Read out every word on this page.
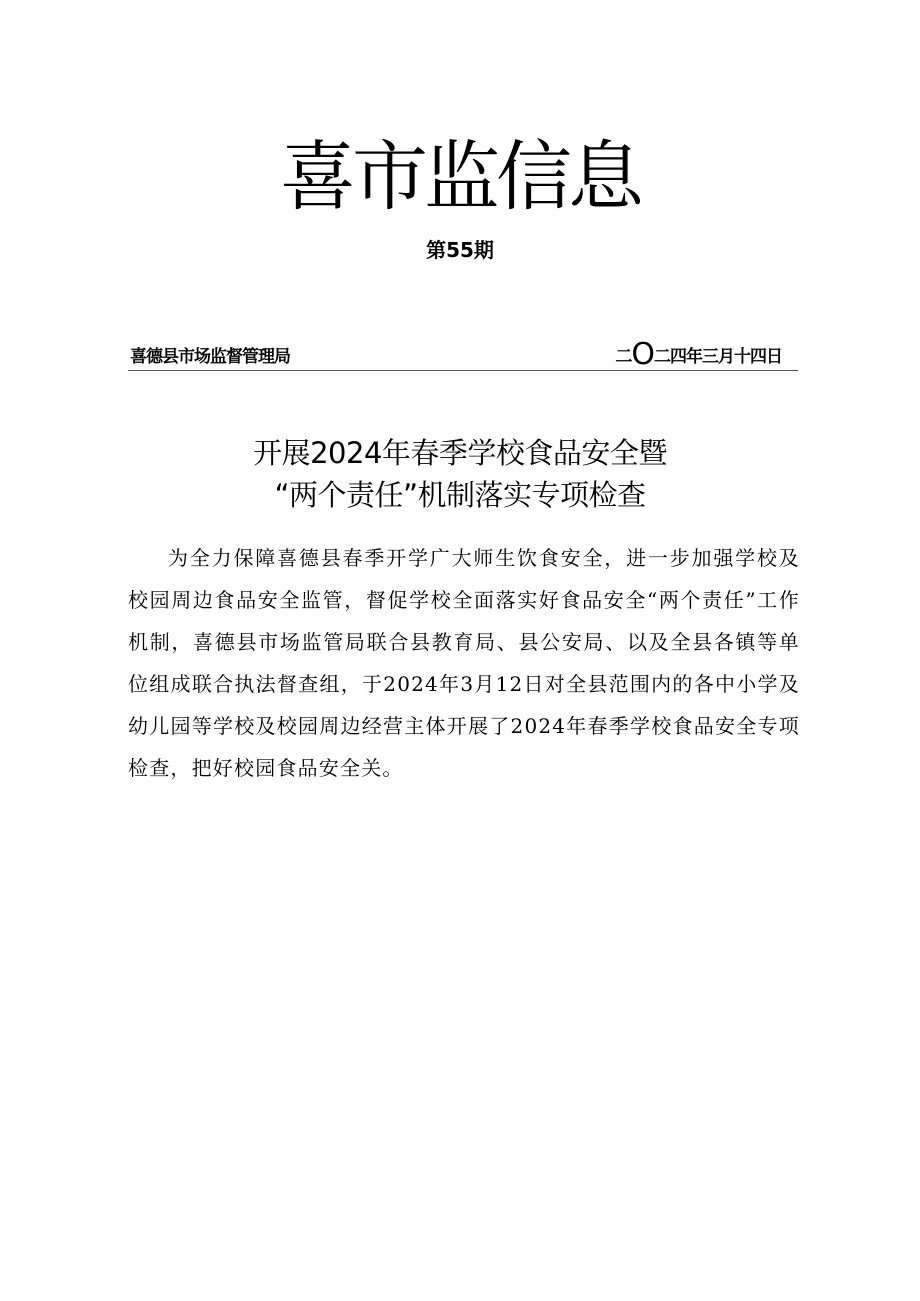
喜市监信息
第55期
喜德县市场监督管理局	二O二四年三月十四日
开展2024年春季学校食品安全暨
“两个责任”机制落实专项检查

为全力保障喜德县春季开学广大师生饮食安全，进一步加强学校及校园周边食品安全监管，督促学校全面落实好食品安全“两个责任”工作机制，喜德县市场监管局联合县教育局、县公安局、以及全县各镇等单位组成联合执法督查组，于2024年3月12日对全县范围内的各中小学及幼儿园等学校及校园周边经营主体开展了2024年春季学校食品安全专项检查，把好校园食品安全关。
